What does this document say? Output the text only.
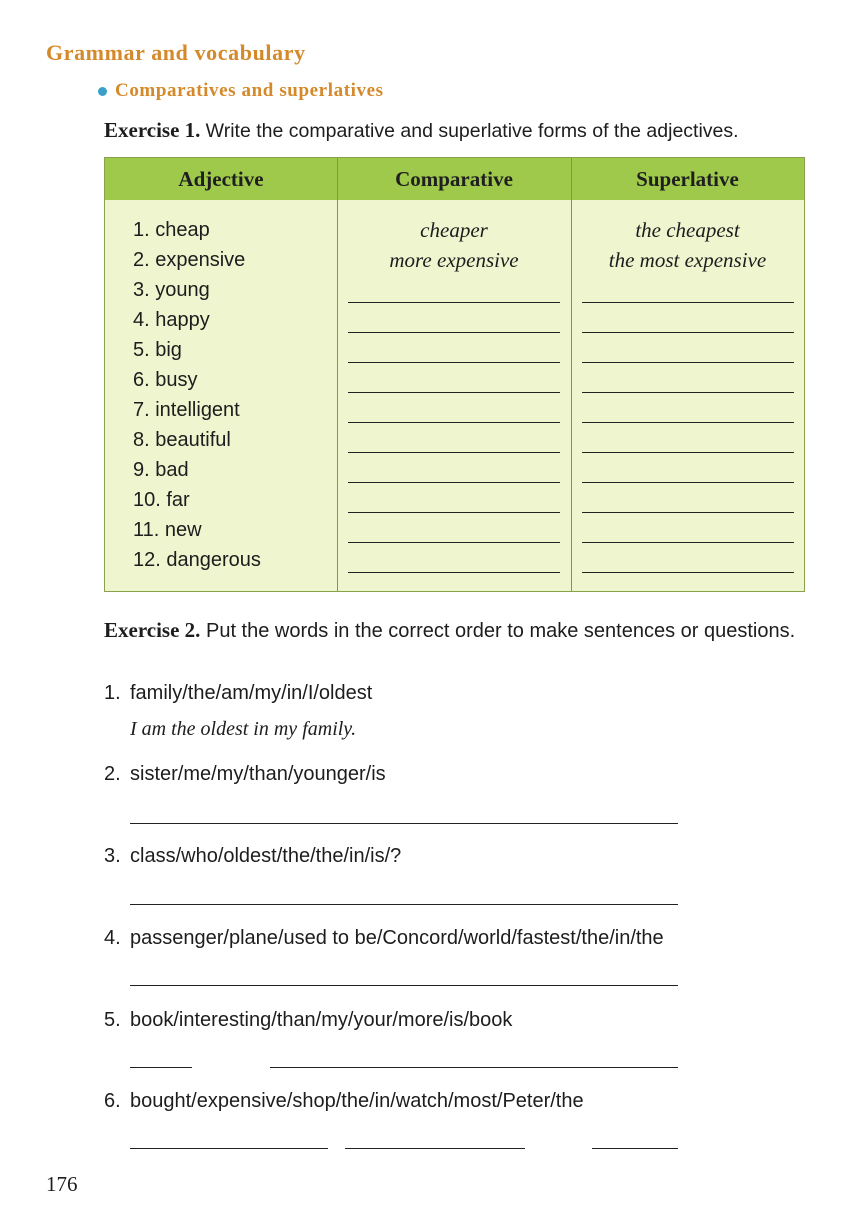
Grammar and vocabulary
Comparatives and superlatives

Exercise 1. Write the comparative and superlative forms of the adjectives.

Adjective	Comparative	Superlative
1. cheap	cheaper	the cheapest
2. expensive	more expensive	the most expensive
3. young
4. happy
5. big
6. busy
7. intelligent
8. beautiful
9. bad
10. far
11. new
12. dangerous

Exercise 2. Put the words in the correct order to make sentences or questions.

1. family/the/am/my/in/I/oldest
I am the oldest in my family.
2. sister/me/my/than/younger/is
3. class/who/oldest/the/the/in/is/?
4. passenger/plane/used to be/Concord/world/fastest/the/in/the
5. book/interesting/than/my/your/more/is/book
6. bought/expensive/shop/the/in/watch/most/Peter/the
176
